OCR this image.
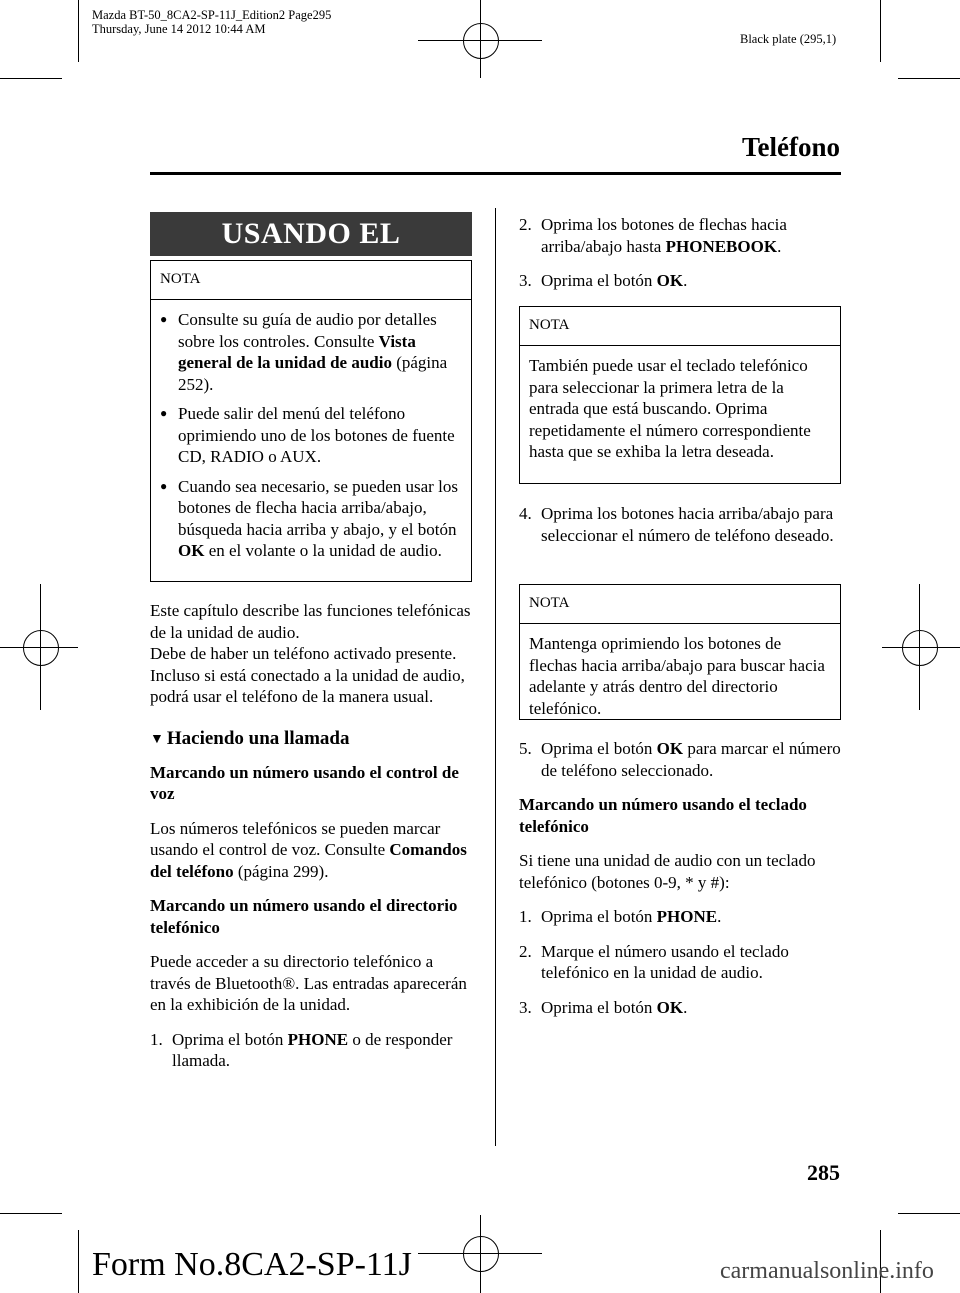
Mazda BT-50_8CA2-SP-11J_Edition2 Page295
Thursday, June 14 2012 10:44 AM
Black plate (295,1)
Teléfono
USANDO EL TELÉFONO
NOTA
● Consulte su guía de audio por detalles sobre los controles. Consulte Vista general de la unidad de audio (página 252).
● Puede salir del menú del teléfono oprimiendo uno de los botones de fuente CD, RADIO o AUX.
● Cuando sea necesario, se pueden usar los botones de flecha hacia arriba/abajo, búsqueda hacia arriba y abajo, y el botón OK en el volante o la unidad de audio.

Este capítulo describe las funciones telefónicas de la unidad de audio.
Debe de haber un teléfono activado presente.
Incluso si está conectado a la unidad de audio, podrá usar el teléfono de la manera usual.

▼ Haciendo una llamada

Marcando un número usando el control de voz

Los números telefónicos se pueden marcar usando el control de voz. Consulte Comandos del teléfono (página 299).

Marcando un número usando el directorio telefónico

Puede acceder a su directorio telefónico a través de Bluetooth®. Las entradas aparecerán en la exhibición de la unidad.

1. Oprima el botón PHONE o de responder llamada.
2. Oprima los botones de flechas hacia arriba/abajo hasta PHONEBOOK.
3. Oprima el botón OK.
NOTA
También puede usar el teclado telefónico para seleccionar la primera letra de la entrada que está buscando. Oprima repetidamente el número correspondiente hasta que se exhiba la letra deseada.
4. Oprima los botones hacia arriba/abajo para seleccionar el número de teléfono deseado.
NOTA
Mantenga oprimiendo los botones de flechas hacia arriba/abajo para buscar hacia adelante y atrás dentro del directorio telefónico.
5. Oprima el botón OK para marcar el número de teléfono seleccionado.

Marcando un número usando el teclado telefónico

Si tiene una unidad de audio con un teclado telefónico (botones 0-9, * y #):

1. Oprima el botón PHONE.
2. Marque el número usando el teclado telefónico en la unidad de audio.
3. Oprima el botón OK.
285
Form No.8CA2-SP-11J	carmanualsonline.info
